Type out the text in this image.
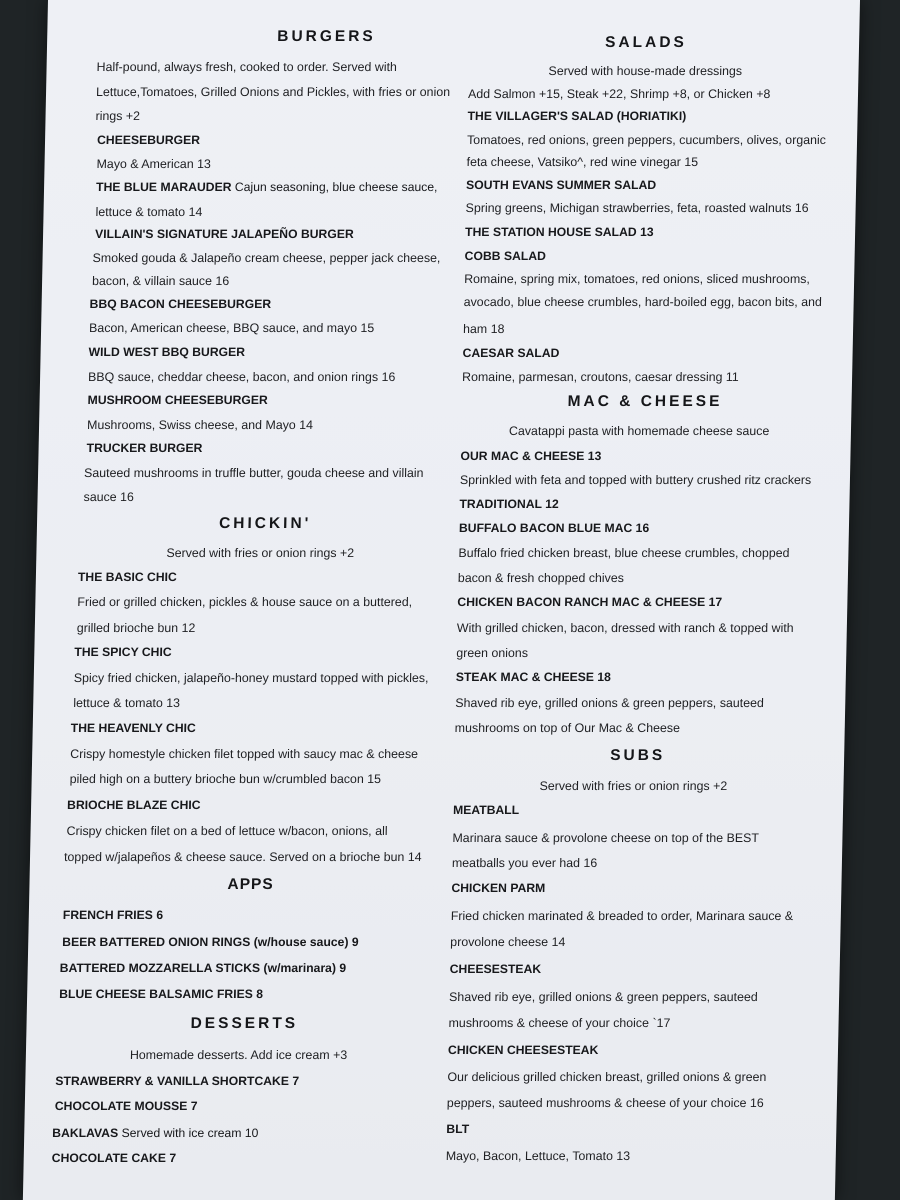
BURGERS
Half-pound, always fresh, cooked to order. Served with
Lettuce,Tomatoes, Grilled Onions and Pickles, with fries or onion
rings +2
CHEESEBURGER
Mayo & American 13
THE BLUE MARAUDER Cajun seasoning, blue cheese sauce,
lettuce & tomato 14
VILLAIN'S SIGNATURE JALAPEÑO BURGER
Smoked gouda & Jalapeño cream cheese, pepper jack cheese,
bacon, & villain sauce 16
BBQ BACON CHEESEBURGER
Bacon, American cheese, BBQ sauce, and mayo 15
WILD WEST BBQ BURGER
BBQ sauce, cheddar cheese, bacon, and onion rings 16
MUSHROOM CHEESEBURGER
Mushrooms, Swiss cheese, and Mayo 14
TRUCKER BURGER
Sauteed mushrooms in truffle butter, gouda cheese and villain
sauce 16
CHICKIN'
Served with fries or onion rings +2
THE BASIC CHIC
Fried or grilled chicken, pickles & house sauce on a buttered,
grilled brioche bun 12
THE SPICY CHIC
Spicy fried chicken, jalapeño-honey mustard topped with pickles,
lettuce & tomato 13
THE HEAVENLY CHIC
Crispy homestyle chicken filet topped with saucy mac & cheese
piled high on a buttery brioche bun w/crumbled bacon 15
BRIOCHE BLAZE CHIC
Crispy chicken filet on a bed of lettuce w/bacon, onions, all
topped w/jalapeños & cheese sauce. Served on a brioche bun 14
APPS
FRENCH FRIES 6
BEER BATTERED ONION RINGS (w/house sauce) 9
BATTERED MOZZARELLA STICKS (w/marinara) 9
BLUE CHEESE BALSAMIC FRIES 8
DESSERTS
Homemade desserts. Add ice cream +3
STRAWBERRY & VANILLA SHORTCAKE 7
CHOCOLATE MOUSSE 7
BAKLAVAS Served with ice cream 10
CHOCOLATE CAKE 7
SALADS
Served with house-made dressings
Add Salmon +15, Steak +22, Shrimp +8, or Chicken +8
THE VILLAGER'S SALAD (HORIATIKI)
Tomatoes, red onions, green peppers, cucumbers, olives, organic
feta cheese, Vatsiko^, red wine vinegar 15
SOUTH EVANS SUMMER SALAD
Spring greens, Michigan strawberries, feta, roasted walnuts 16
THE STATION HOUSE SALAD 13
COBB SALAD
Romaine, spring mix, tomatoes, red onions, sliced mushrooms,
avocado, blue cheese crumbles, hard-boiled egg, bacon bits, and
ham 18
CAESAR SALAD
Romaine, parmesan, croutons, caesar dressing 11
MAC & CHEESE
Cavatappi pasta with homemade cheese sauce
OUR MAC & CHEESE 13
Sprinkled with feta and topped with buttery crushed ritz crackers
TRADITIONAL 12
BUFFALO BACON BLUE MAC 16
Buffalo fried chicken breast, blue cheese crumbles, chopped
bacon & fresh chopped chives
CHICKEN BACON RANCH MAC & CHEESE 17
With grilled chicken, bacon, dressed with ranch & topped with
green onions
STEAK MAC & CHEESE 18
Shaved rib eye, grilled onions & green peppers, sauteed
mushrooms on top of Our Mac & Cheese
SUBS
Served with fries or onion rings +2
MEATBALL
Marinara sauce & provolone cheese on top of the BEST
meatballs you ever had 16
CHICKEN PARM
Fried chicken marinated & breaded to order, Marinara sauce &
provolone cheese 14
CHEESESTEAK
Shaved rib eye, grilled onions & green peppers, sauteed
mushrooms & cheese of your choice `17
CHICKEN CHEESESTEAK
Our delicious grilled chicken breast, grilled onions & green
peppers, sauteed mushrooms & cheese of your choice 16
BLT
Mayo, Bacon, Lettuce, Tomato 13
